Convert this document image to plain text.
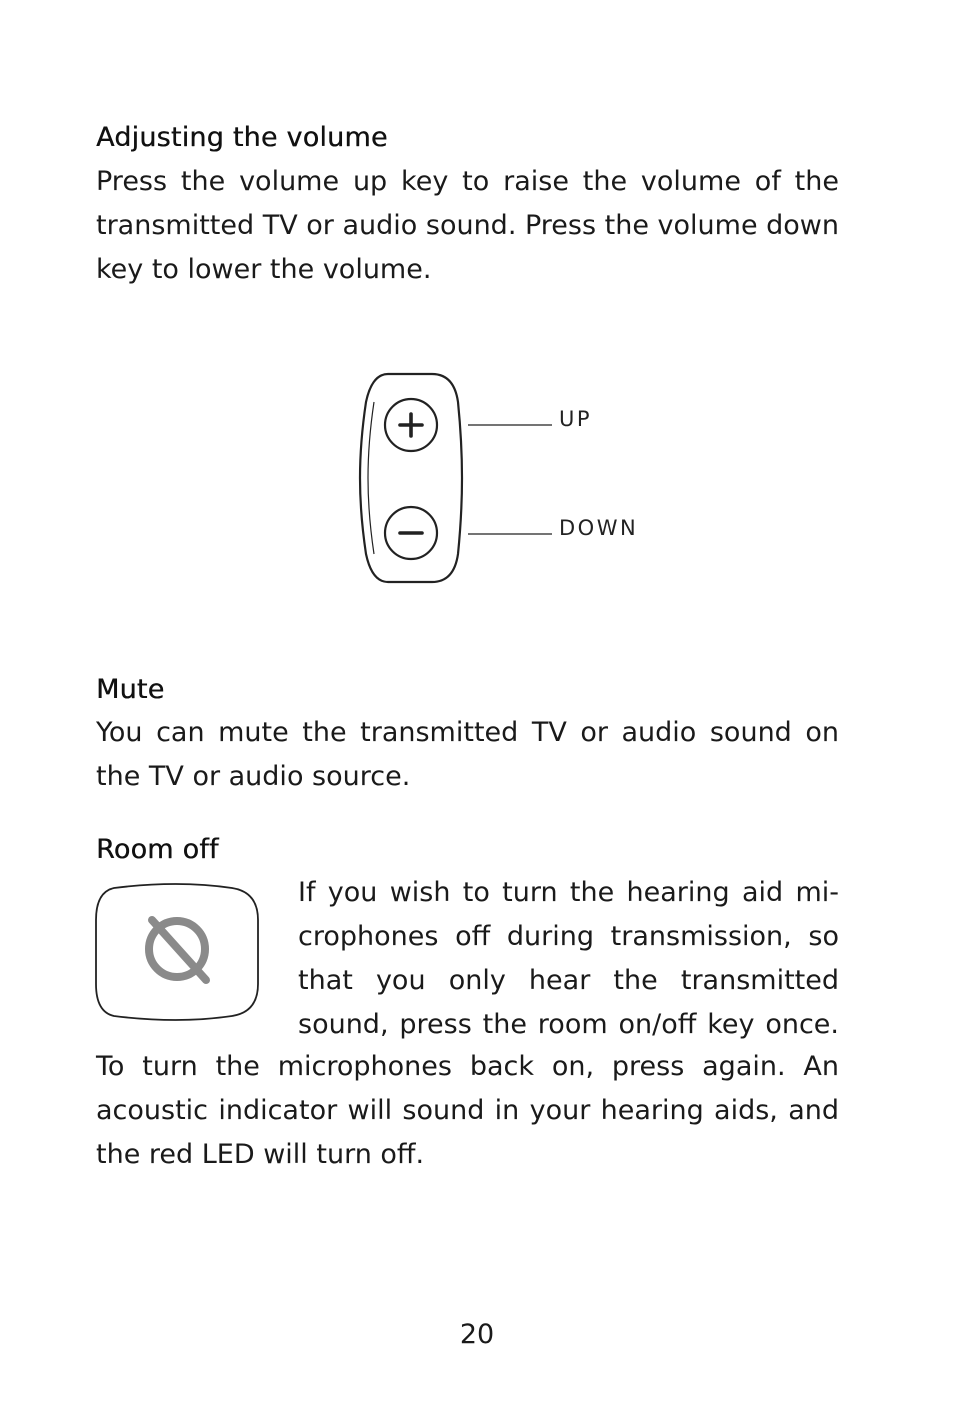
Adjusting the volume

Press the volume up key to raise the volume of the transmitted TV or audio sound. Press the volume down key to lower the volume.

UP
DOWN
Mute

You can mute the transmitted TV or audio sound on the TV or audio source.

Room off

If you wish to turn the hearing aid mi-crophones off during transmission, so that you only hear the transmitted sound, press the room on/off key once.

To turn the microphones back on, press again. An acoustic indicator will sound in your hearing aids, and the red LED will turn off.

20
